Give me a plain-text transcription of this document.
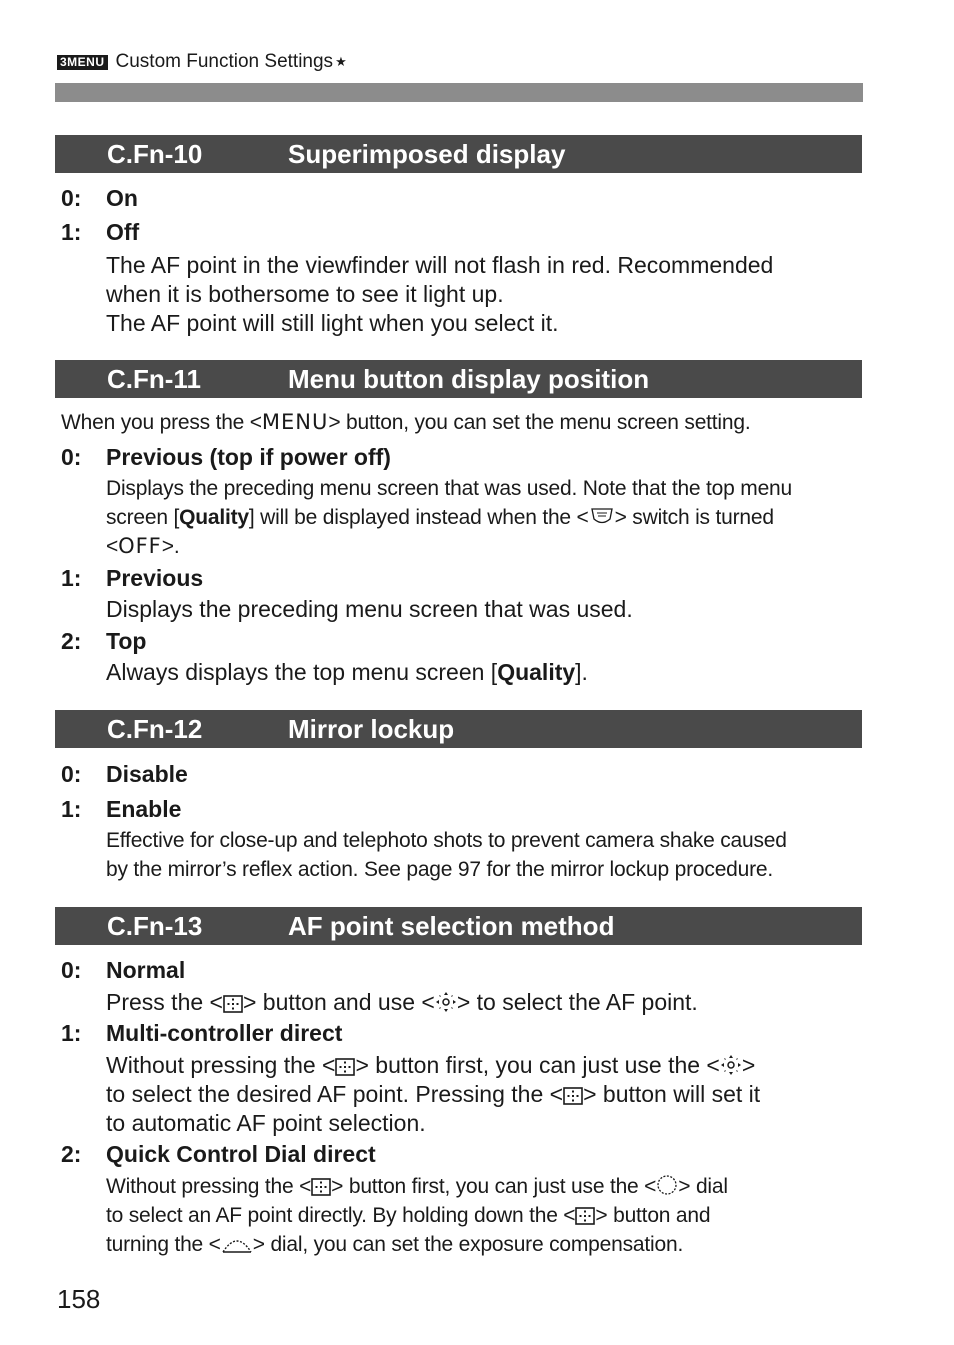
3MENU Custom Function Settings ★
C.Fn-10	Superimposed display
0: On
1: Off
The AF point in the viewfinder will not flash in red. Recommended
when it is bothersome to see it light up.
The AF point will still light when you select it.
C.Fn-11	Menu button display position
When you press the <MENU> button, you can set the menu screen setting.
0: Previous (top if power off)
Displays the preceding menu screen that was used. Note that the top menu
screen [Quality] will be displayed instead when the < > switch is turned
<OFF>.
1: Previous
Displays the preceding menu screen that was used.
2: Top
Always displays the top menu screen [Quality].
C.Fn-12	Mirror lockup
0: Disable
1: Enable
Effective for close-up and telephoto shots to prevent camera shake caused
by the mirror’s reflex action. See page 97 for the mirror lockup procedure.
C.Fn-13	AF point selection method
0: Normal
Press the < > button and use < > to select the AF point.
1: Multi-controller direct
Without pressing the < > button first, you can just use the < >
to select the desired AF point. Pressing the < > button will set it
to automatic AF point selection.
2: Quick Control Dial direct
Without pressing the < > button first, you can just use the < > dial
to select an AF point directly. By holding down the < > button and
turning the < > dial, you can set the exposure compensation.
158
